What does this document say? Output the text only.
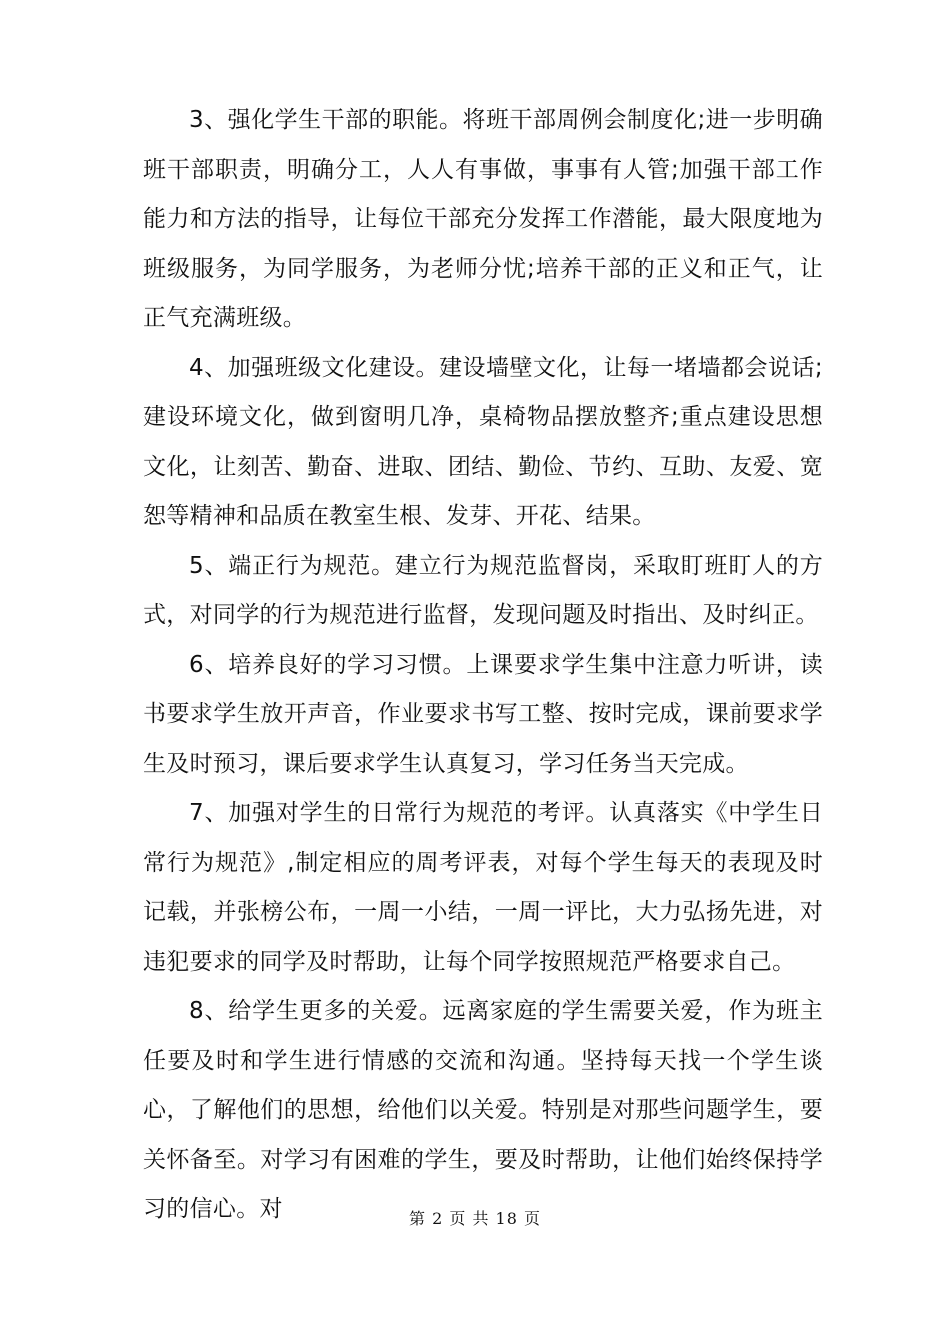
3、强化学生干部的职能。将班干部周例会制度化;进一步明确班干部职责，明确分工，人人有事做，事事有人管;加强干部工作能力和方法的指导，让每位干部充分发挥工作潜能，最大限度地为班级服务，为同学服务，为老师分忧;培养干部的正义和正气，让正气充满班级。

4、加强班级文化建设。建设墙壁文化，让每一堵墙都会说话;建设环境文化，做到窗明几净，桌椅物品摆放整齐;重点建设思想文化，让刻苦、勤奋、进取、团结、勤俭、节约、互助、友爱、宽恕等精神和品质在教室生根、发芽、开花、结果。

5、端正行为规范。建立行为规范监督岗，采取盯班盯人的方式，对同学的行为规范进行监督，发现问题及时指出、及时纠正。

6、培养良好的学习习惯。上课要求学生集中注意力听讲，读书要求学生放开声音，作业要求书写工整、按时完成，课前要求学生及时预习，课后要求学生认真复习，学习任务当天完成。

7、加强对学生的日常行为规范的考评。认真落实《中学生日常行为规范》,制定相应的周考评表，对每个学生每天的表现及时记载，并张榜公布，一周一小结，一周一评比，大力弘扬先进，对违犯要求的同学及时帮助，让每个同学按照规范严格要求自己。

8、给学生更多的关爱。远离家庭的学生需要关爱，作为班主任要及时和学生进行情感的交流和沟通。坚持每天找一个学生谈心，了解他们的思想，给他们以关爱。特别是对那些问题学生，要关怀备至。对学习有困难的学生，要及时帮助，让他们始终保持学习的信心。对	第 2 页 共 18 页
